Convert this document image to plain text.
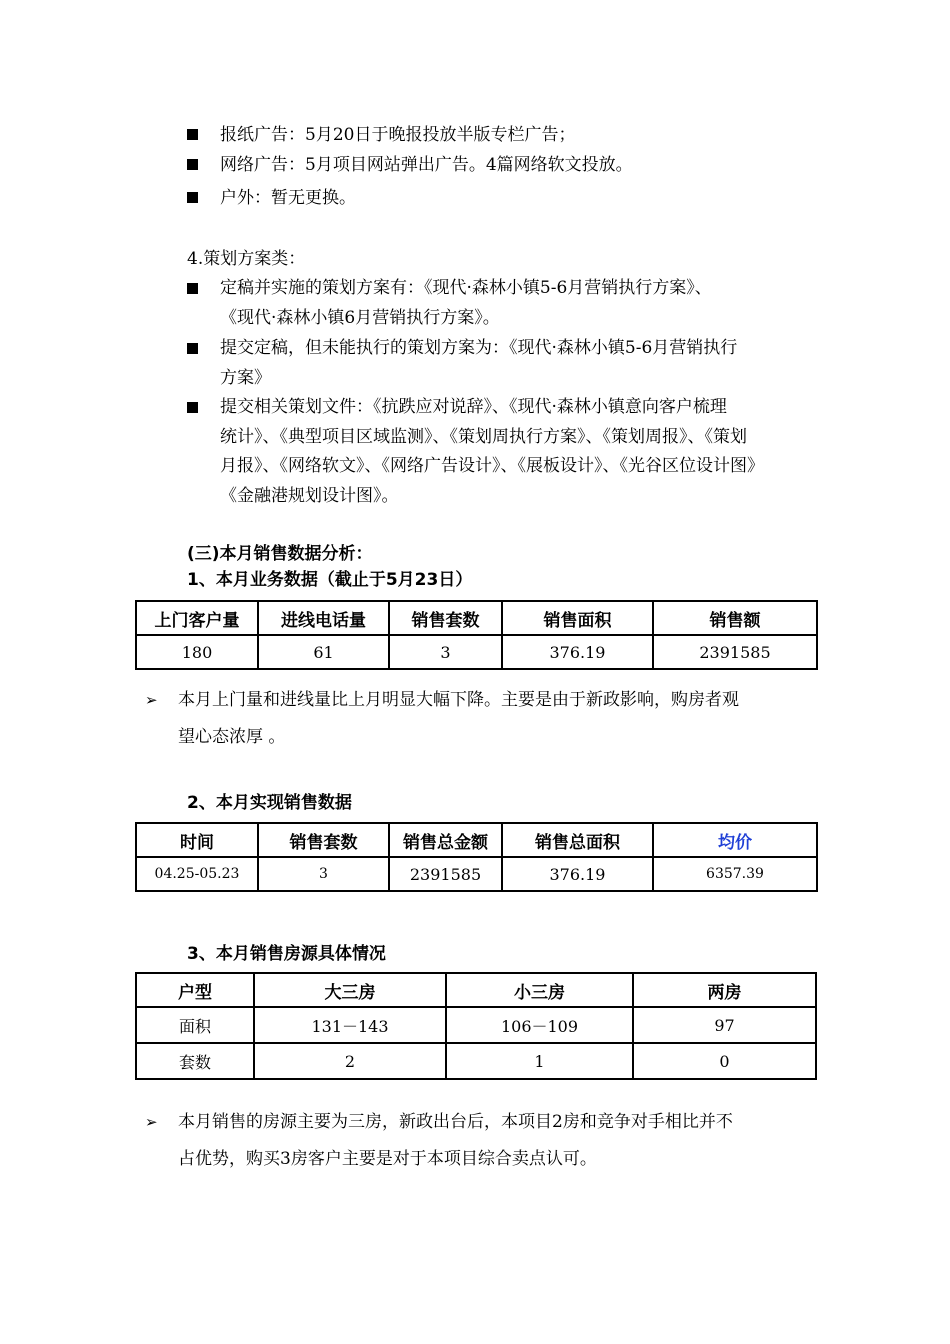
报纸广告：5月20日于晚报投放半版专栏广告；
网络广告：5月项目网站弹出广告。4篇网络软文投放。
户外：暂无更换。
4.策划方案类：
定稿并实施的策划方案有：《现代·森林小镇5-6月营销执行方案》、
《现代·森林小镇6月营销执行方案》。
提交定稿，但未能执行的策划方案为：《现代·森林小镇5-6月营销执行
方案》
提交相关策划文件：《抗跌应对说辞》、《现代·森林小镇意向客户梳理
统计》、《典型项目区域监测》、《策划周执行方案》、《策划周报》、《策划
月报》、《网络软文》、《网络广告设计》、《展板设计》、《光谷区位设计图》
《金融港规划设计图》。
(三)本月销售数据分析：
1、本月业务数据（截止于5月23日）
上门客户量	进线电话量	销售套数	销售面积	销售额
180	61	3	376.19	2391585
➢ 本月上门量和进线量比上月明显大幅下降。主要是由于新政影响，购房者观
望心态浓厚 。
2、本月实现销售数据
时间	销售套数	销售总金额	销售总面积	均价
04.25-05.23	3	2391585	376.19	6357.39
3、本月销售房源具体情况
户型	大三房	小三房	两房
面积	131－143	106－109	97
套数	2	1	0
➢ 本月销售的房源主要为三房，新政出台后，本项目2房和竞争对手相比并不
占优势，购买3房客户主要是对于本项目综合卖点认可。
